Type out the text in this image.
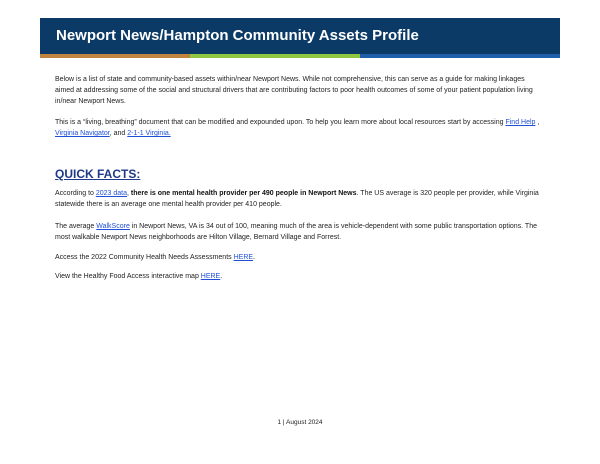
Newport News/Hampton Community Assets Profile
Below is a list of state and community-based assets within/near Newport News. While not comprehensive, this can serve as a guide for making linkages aimed at addressing some of the social and structural drivers that are contributing factors to poor health outcomes of some of your patient population living in/near Newport News.
This is a “living, breathing” document that can be modified and expounded upon. To help you learn more about local resources start by accessing Find Help , Virginia Navigator, and 2-1-1 Virginia.
QUICK FACTS:
According to 2023 data, there is one mental health provider per 490 people in Newport News. The US average is 320 people per provider, while Virginia statewide there is an average one mental health provider per 410 people.
The average WalkScore in Newport News, VA is 34 out of 100, meaning much of the area is vehicle-dependent with some public transportation options. The most walkable Newport News neighborhoods are Hilton Village, Bernard Village and Forrest.
Access the 2022 Community Health Needs Assessments HERE.
View the Healthy Food Access interactive map HERE.
1 | August 2024
